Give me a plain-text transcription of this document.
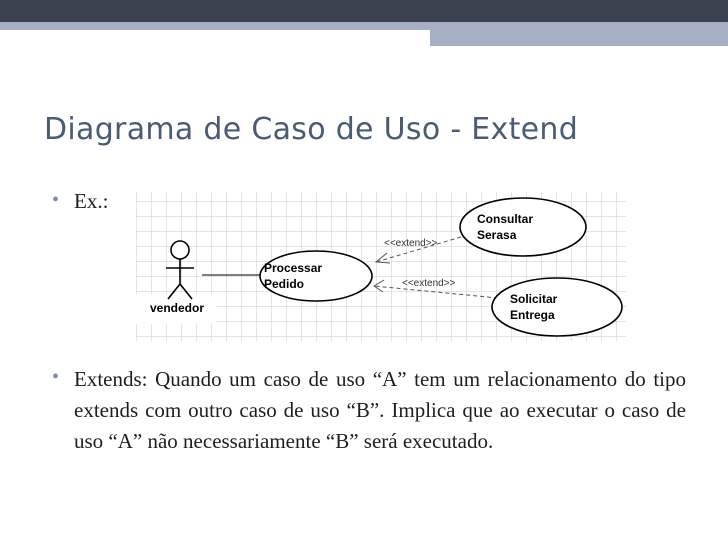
Diagrama de Caso de Uso - Extend
• Ex.:
vendedor
<<extend>>
<<extend>>
Processar
Pedido
Consultar
Serasa
Solicitar
Entrega
• Extends: Quando um caso de uso “A” tem um relacionamento do tipo extends com outro caso de uso “B”. Implica que ao executar o caso de uso “A” não necessariamente “B” será executado.
